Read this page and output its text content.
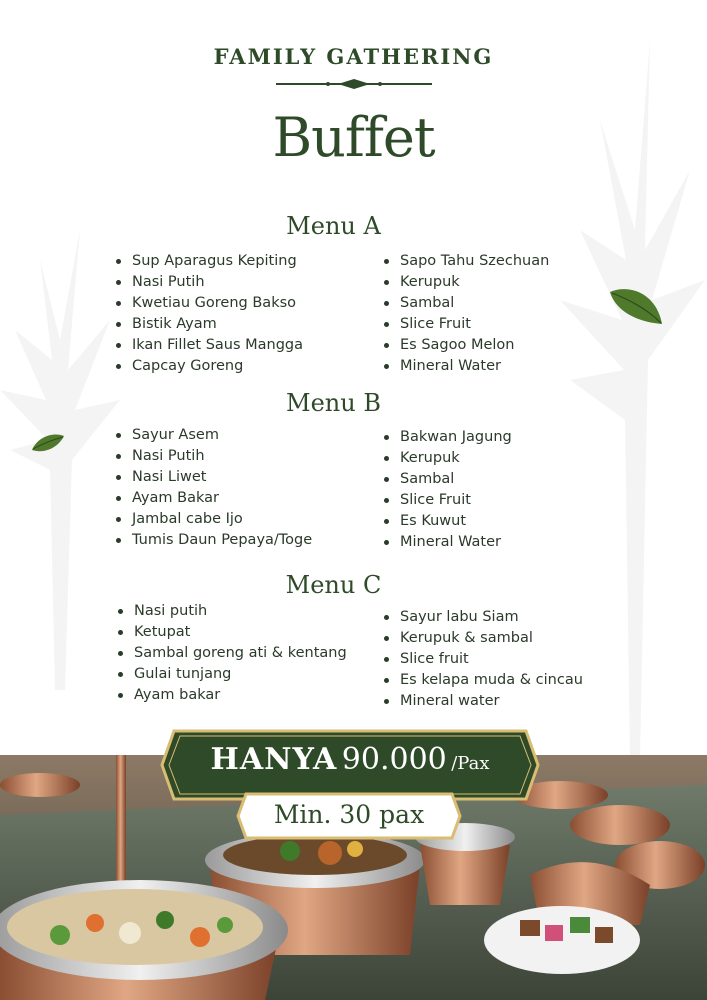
FAMILY GATHERING
Buffet
Menu A
Sup Aparagus Kepiting
Nasi Putih
Kwetiau Goreng Bakso
Bistik Ayam
Ikan Fillet Saus Mangga
Capcay Goreng
Sapo Tahu Szechuan
Kerupuk
Sambal
Slice Fruit
Es Sagoo Melon
Mineral Water
Menu B
Sayur Asem
Nasi Putih
Nasi Liwet
Ayam Bakar
Jambal cabe Ijo
Tumis Daun Pepaya/Toge
Bakwan Jagung
Kerupuk
Sambal
Slice Fruit
Es Kuwut
Mineral Water
Menu C
Nasi putih
Ketupat
Sambal goreng ati & kentang
Gulai tunjang
Ayam bakar
Sayur labu Siam
Kerupuk & sambal
Slice fruit
Es kelapa muda & cincau
Mineral water
HANYA 90.000 /Pax
Min. 30 pax
